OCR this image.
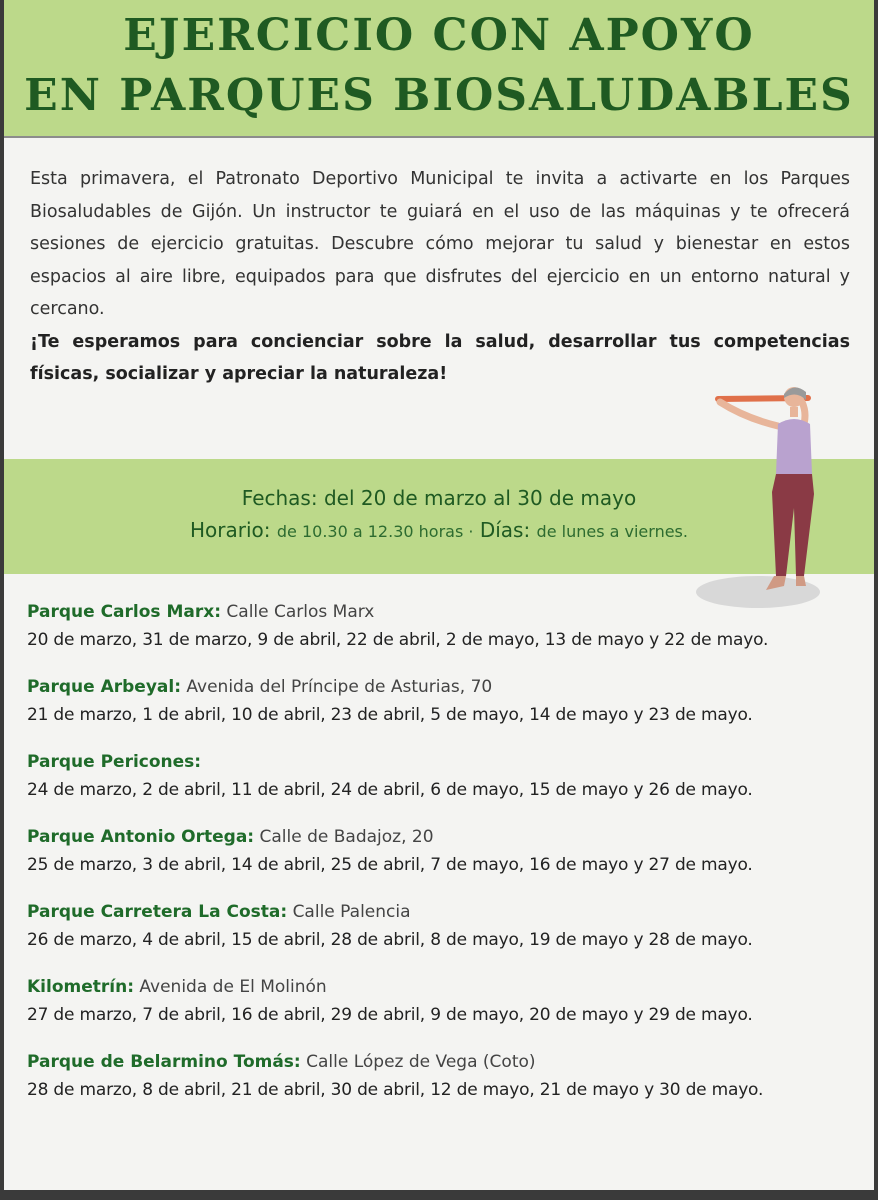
EJERCICIO CON APOYO
EN PARQUES BIOSALUDABLES

Esta primavera, el Patronato Deportivo Municipal te invita a activarte en los Parques Biosaludables de Gijón. Un instructor te guiará en el uso de las máquinas y te ofrecerá sesiones de ejercicio gratuitas. Descubre cómo mejorar tu salud y bienestar en estos espacios al aire libre, equipados para que disfrutes del ejercicio en un entorno natural y cercano.
¡Te esperamos para concienciar sobre la salud, desarrollar tus competencias físicas, socializar y apreciar la naturaleza!

Fechas: del 20 de marzo al 30 de mayo

Horario: de 10.30 a 12.30 horas · Días: de lunes a viernes.

Parque Carlos Marx: Calle Carlos Marx
20 de marzo, 31 de marzo, 9 de abril, 22 de abril, 2 de mayo, 13 de mayo y 22 de mayo.
Parque Arbeyal: Avenida del Príncipe de Asturias, 70
21 de marzo, 1 de abril, 10 de abril, 23 de abril, 5 de mayo, 14 de mayo y 23 de mayo.
Parque Pericones:
24 de marzo, 2 de abril, 11 de abril, 24 de abril, 6 de mayo, 15 de mayo y 26 de mayo.
Parque Antonio Ortega: Calle de Badajoz, 20
25 de marzo, 3 de abril, 14 de abril, 25 de abril, 7 de mayo, 16 de mayo y 27 de mayo.
Parque Carretera La Costa: Calle Palencia
26 de marzo, 4 de abril, 15 de abril, 28 de abril, 8 de mayo, 19 de mayo y 28 de mayo.
Kilometrín: Avenida de El Molinón
27 de marzo, 7 de abril, 16 de abril, 29 de abril, 9 de mayo, 20 de mayo y 29 de mayo.
Parque de Belarmino Tomás: Calle López de Vega (Coto)
28 de marzo, 8 de abril, 21 de abril, 30 de abril, 12 de mayo, 21 de mayo y 30 de mayo.
